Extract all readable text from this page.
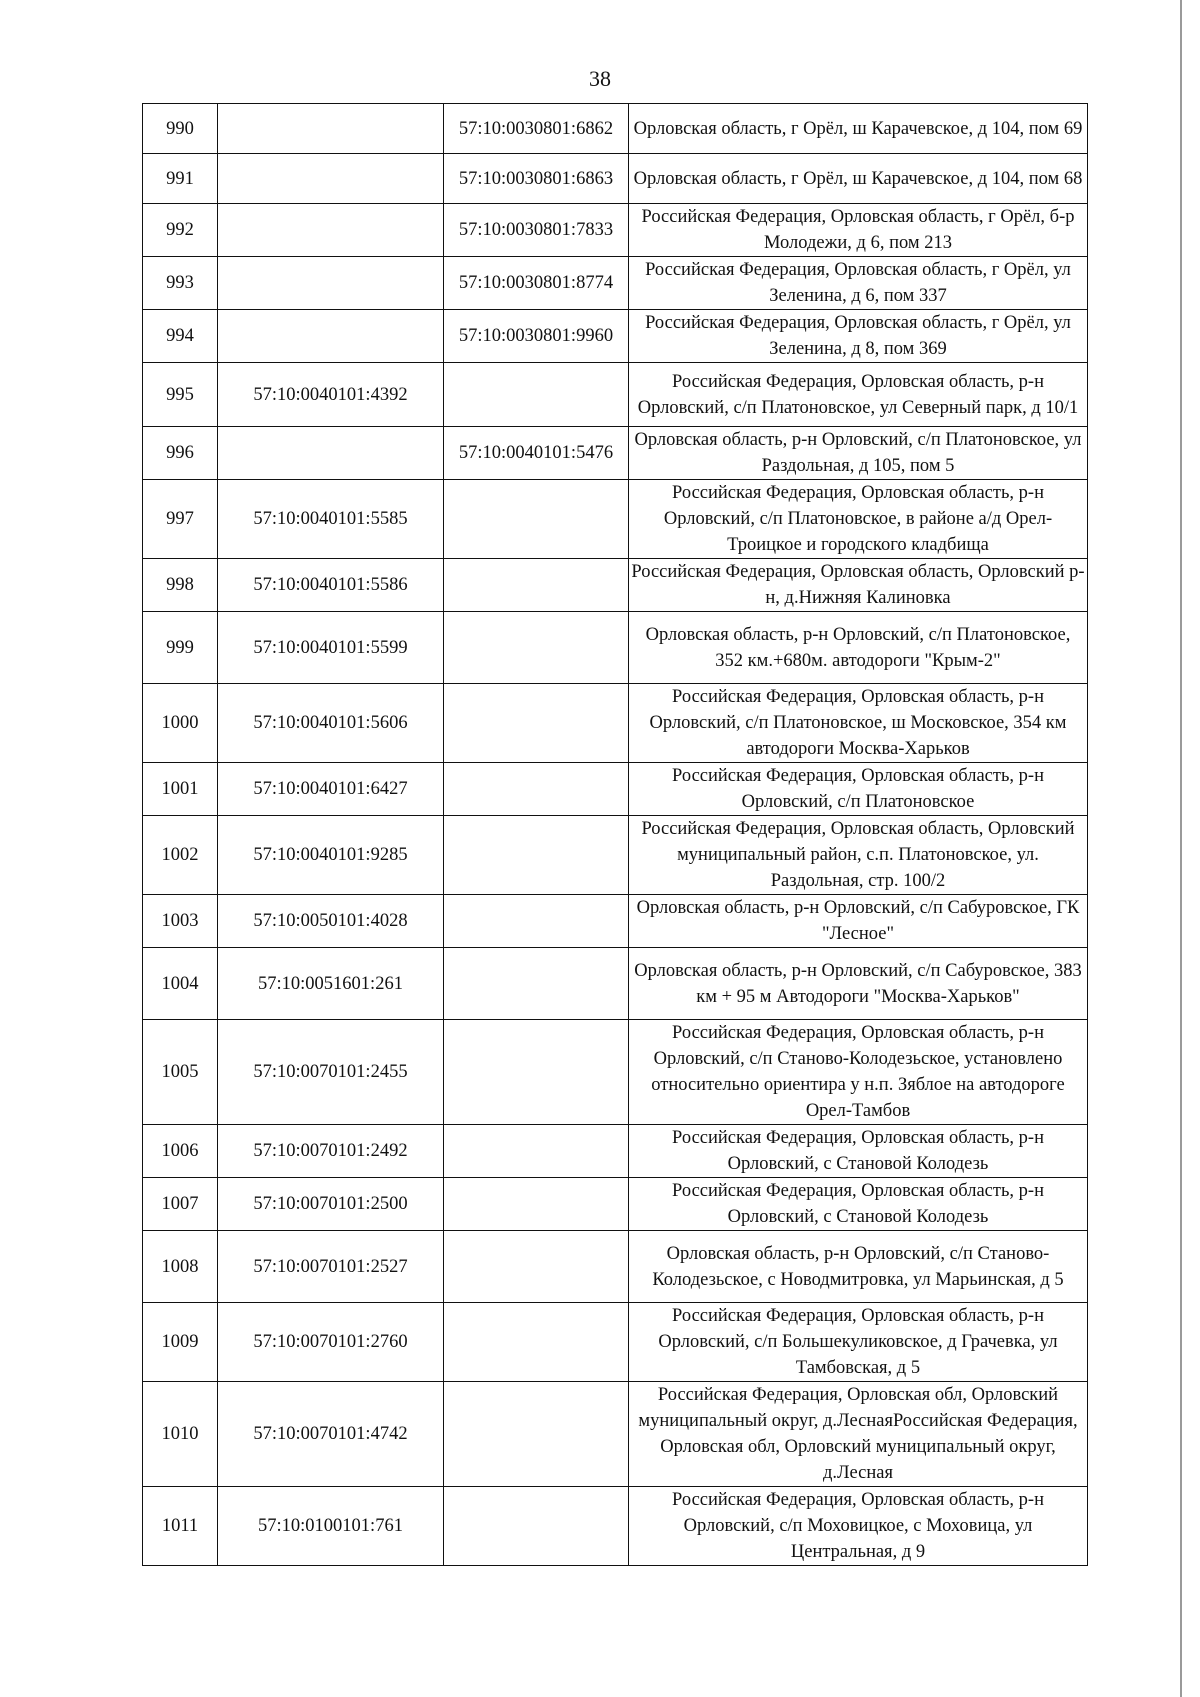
38
990		57:10:0030801:6862	Орловская область, г Орёл, ш Карачевское, д 104, пом 69
991		57:10:0030801:6863	Орловская область, г Орёл, ш Карачевское, д 104, пом 68
992		57:10:0030801:7833	Российская Федерация, Орловская область, г Орёл, б-р Молодежи, д 6, пом 213
993		57:10:0030801:8774	Российская Федерация, Орловская область, г Орёл, ул Зеленина, д 6, пом 337
994		57:10:0030801:9960	Российская Федерация, Орловская область, г Орёл, ул Зеленина, д 8, пом 369
995	57:10:0040101:4392		Российская Федерация, Орловская область, р-н Орловский, с/п Платоновское, ул Северный парк, д 10/1
996		57:10:0040101:5476	Орловская область, р-н Орловский, с/п Платоновское, ул Раздольная, д 105, пом 5
997	57:10:0040101:5585		Российская Федерация, Орловская область, р-н Орловский, с/п Платоновское, в районе а/д Орел-Троицкое и городского кладбища
998	57:10:0040101:5586		Российская Федерация, Орловская область, Орловский р-н, д.Нижняя Калиновка
999	57:10:0040101:5599		Орловская область, р-н Орловский, с/п Платоновское, 352 км.+680м. автодороги "Крым-2"
1000	57:10:0040101:5606		Российская Федерация, Орловская область, р-н Орловский, с/п Платоновское, ш Московское, 354 км автодороги Москва-Харьков
1001	57:10:0040101:6427		Российская Федерация, Орловская область, р-н Орловский, с/п Платоновское
1002	57:10:0040101:9285		Российская Федерация, Орловская область, Орловский муниципальный район, с.п. Платоновское, ул. Раздольная, стр. 100/2
1003	57:10:0050101:4028		Орловская область, р-н Орловский, с/п Сабуровское, ГК "Лесное"
1004	57:10:0051601:261		Орловская область, р-н Орловский, с/п Сабуровское, 383 км + 95 м Автодороги "Москва-Харьков"
1005	57:10:0070101:2455		Российская Федерация, Орловская область, р-н Орловский, с/п Станово-Колодезьское, установлено относительно ориентира у н.п. Зяблое на автодороге Орел-Тамбов
1006	57:10:0070101:2492		Российская Федерация, Орловская область, р-н Орловский, с Становой Колодезь
1007	57:10:0070101:2500		Российская Федерация, Орловская область, р-н Орловский, с Становой Колодезь
1008	57:10:0070101:2527		Орловская область, р-н Орловский, с/п Станово-Колодезьское, с Новодмитровка, ул Марьинская, д 5
1009	57:10:0070101:2760		Российская Федерация, Орловская область, р-н Орловский, с/п Большекуликовское, д Грачевка, ул Тамбовская, д 5
1010	57:10:0070101:4742		Российская Федерация, Орловская обл, Орловский муниципальный округ, д.ЛеснаяРоссийская Федерация, Орловская обл, Орловский муниципальный округ, д.Лесная
1011	57:10:0100101:761		Российская Федерация, Орловская область, р-н Орловский, с/п Моховицкое, с Моховица, ул Центральная, д 9
